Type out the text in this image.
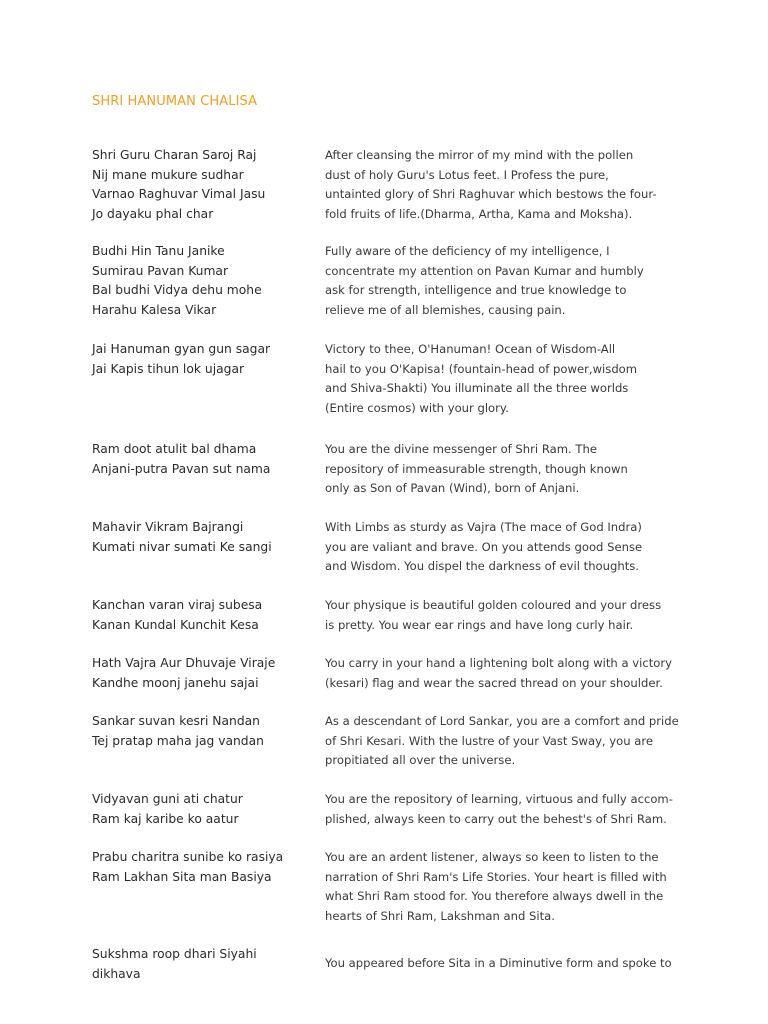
SHRI HANUMAN CHALISA
Shri Guru Charan Saroj Raj
Nij mane mukure sudhar
Varnao Raghuvar Vimal Jasu
Jo dayaku phal char
After cleansing the mirror of my mind with the pollen
dust of holy Guru's Lotus feet. I Profess the pure,
untainted glory of Shri Raghuvar which bestows the four-
fold fruits of life.(Dharma, Artha, Kama and Moksha).
Budhi Hin Tanu Janike
Sumirau Pavan Kumar
Bal budhi Vidya dehu mohe
Harahu Kalesa Vikar
Fully aware of the deficiency of my intelligence, I
concentrate my attention on Pavan Kumar and humbly
ask for strength, intelligence and true knowledge to
relieve me of all blemishes, causing pain.
Jai Hanuman gyan gun sagar
Jai Kapis tihun lok ujagar
Victory to thee, O'Hanuman! Ocean of Wisdom-All
hail to you O'Kapisa! (fountain-head of power,wisdom
and Shiva-Shakti) You illuminate all the three worlds
(Entire cosmos) with your glory.
Ram doot atulit bal dhama
Anjani-putra Pavan sut nama
You are the divine messenger of Shri Ram. The
repository of immeasurable strength, though known
only as Son of Pavan (Wind), born of Anjani.
Mahavir Vikram Bajrangi
Kumati nivar sumati Ke sangi
With Limbs as sturdy as Vajra (The mace of God Indra)
you are valiant and brave. On you attends good Sense
and Wisdom. You dispel the darkness of evil thoughts.
Kanchan varan viraj subesa
Kanan Kundal Kunchit Kesa
Your physique is beautiful golden coloured and your dress
is pretty. You wear ear rings and have long curly hair.
Hath Vajra Aur Dhuvaje Viraje
Kandhe moonj janehu sajai
You carry in your hand a lightening bolt along with a victory
(kesari) flag and wear the sacred thread on your shoulder.
Sankar suvan kesri Nandan
Tej pratap maha jag vandan
As a descendant of Lord Sankar, you are a comfort and pride
of Shri Kesari. With the lustre of your Vast Sway, you are
propitiated all over the universe.
Vidyavan guni ati chatur
Ram kaj karibe ko aatur
You are the repository of learning, virtuous and fully accom-
plished, always keen to carry out the behest's of Shri Ram.
Prabu charitra sunibe ko rasiya
Ram Lakhan Sita man Basiya
You are an ardent listener, always so keen to listen to the
narration of Shri Ram's Life Stories. Your heart is filled with
what Shri Ram stood for. You therefore always dwell in the
hearts of Shri Ram, Lakshman and Sita.
Sukshma roop dhari Siyahi
dikhava
You appeared before Sita in a Diminutive form and spoke to
